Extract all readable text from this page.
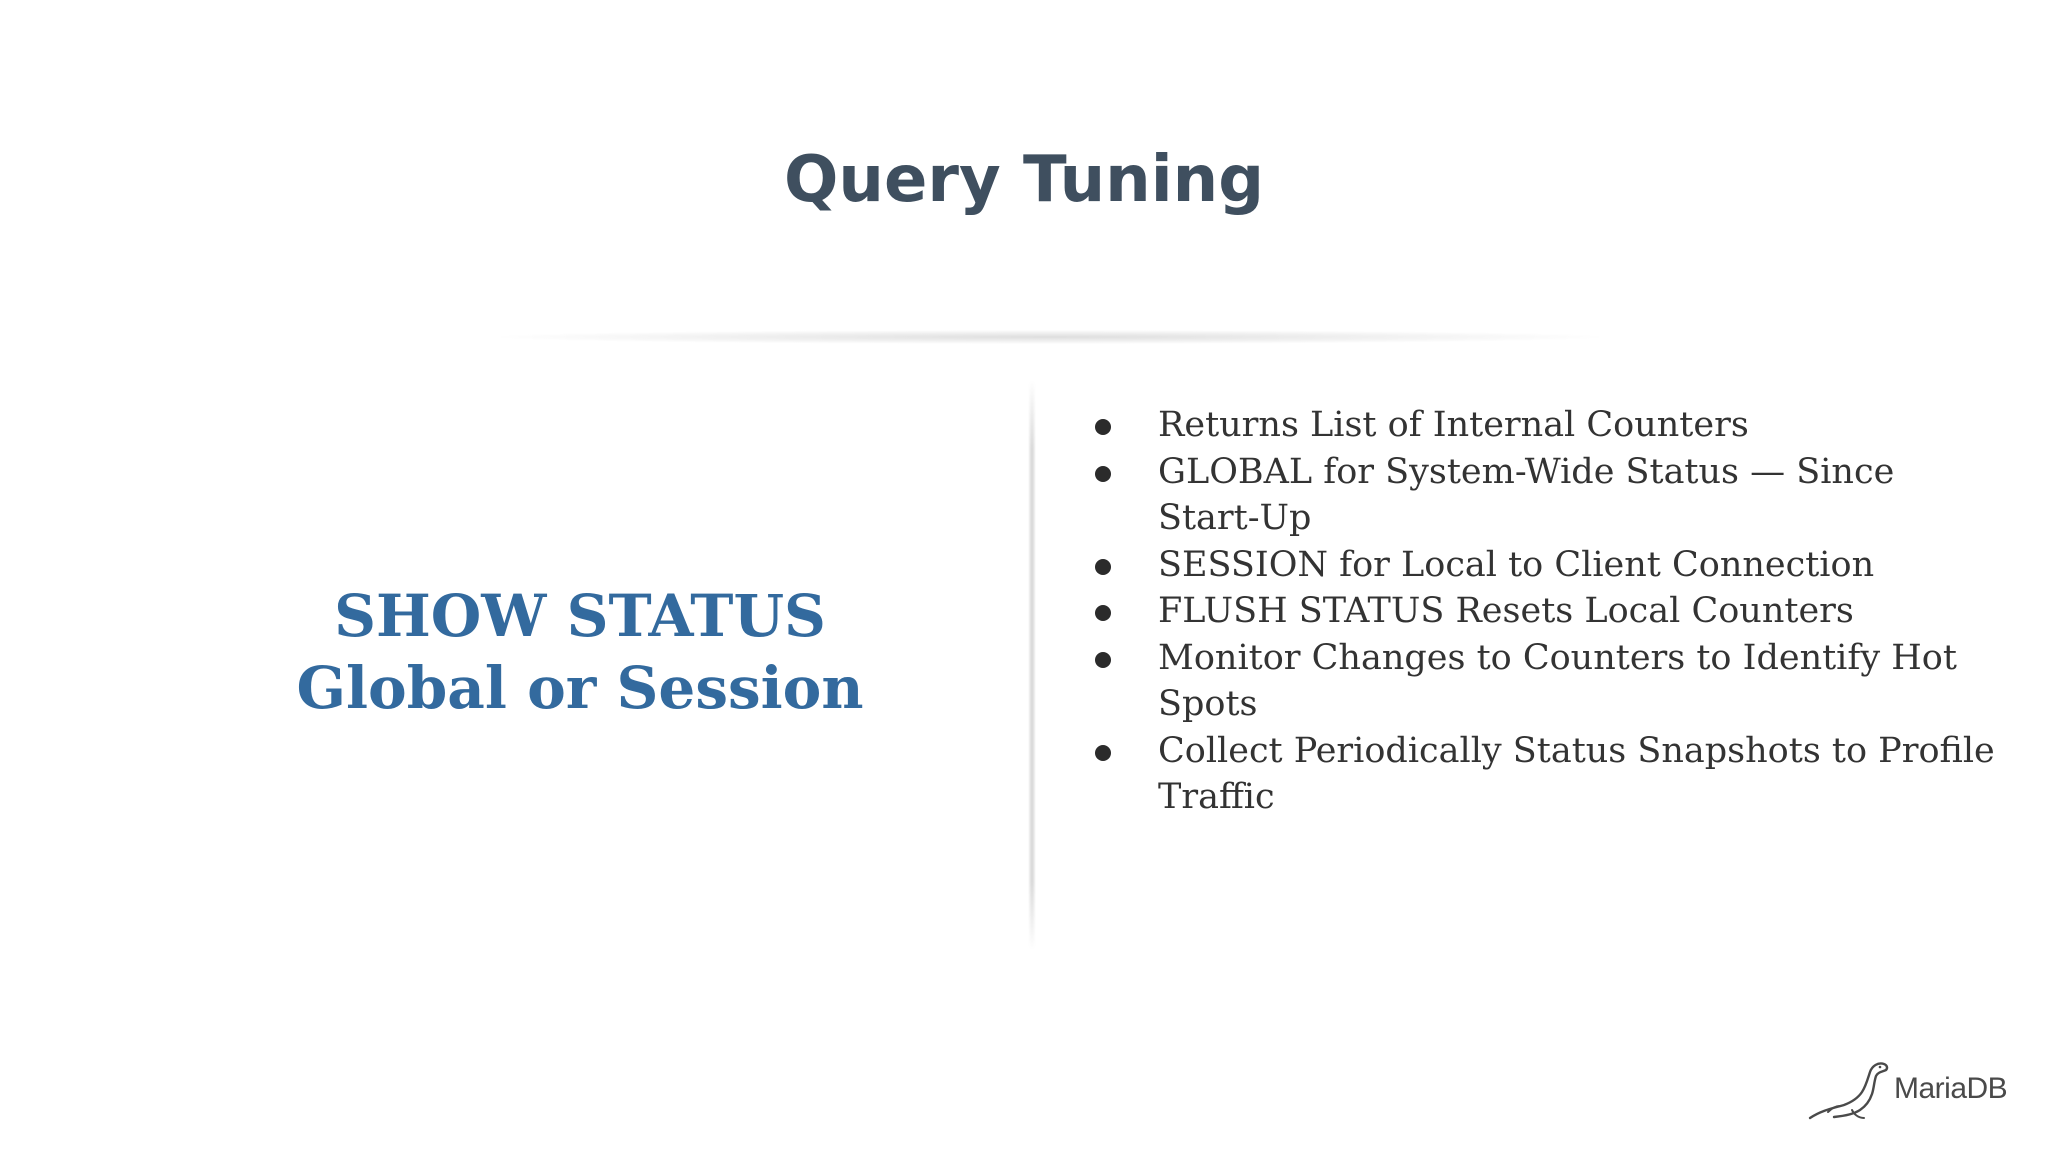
Query Tuning
SHOW STATUS
Global or Session
Returns List of Internal Counters
GLOBAL for System-Wide Status — Since Start-Up
SESSION for Local to Client Connection
FLUSH STATUS Resets Local Counters
Monitor Changes to Counters to Identify Hot Spots
Collect Periodically Status Snapshots to Profile Traffic
MariaDB
